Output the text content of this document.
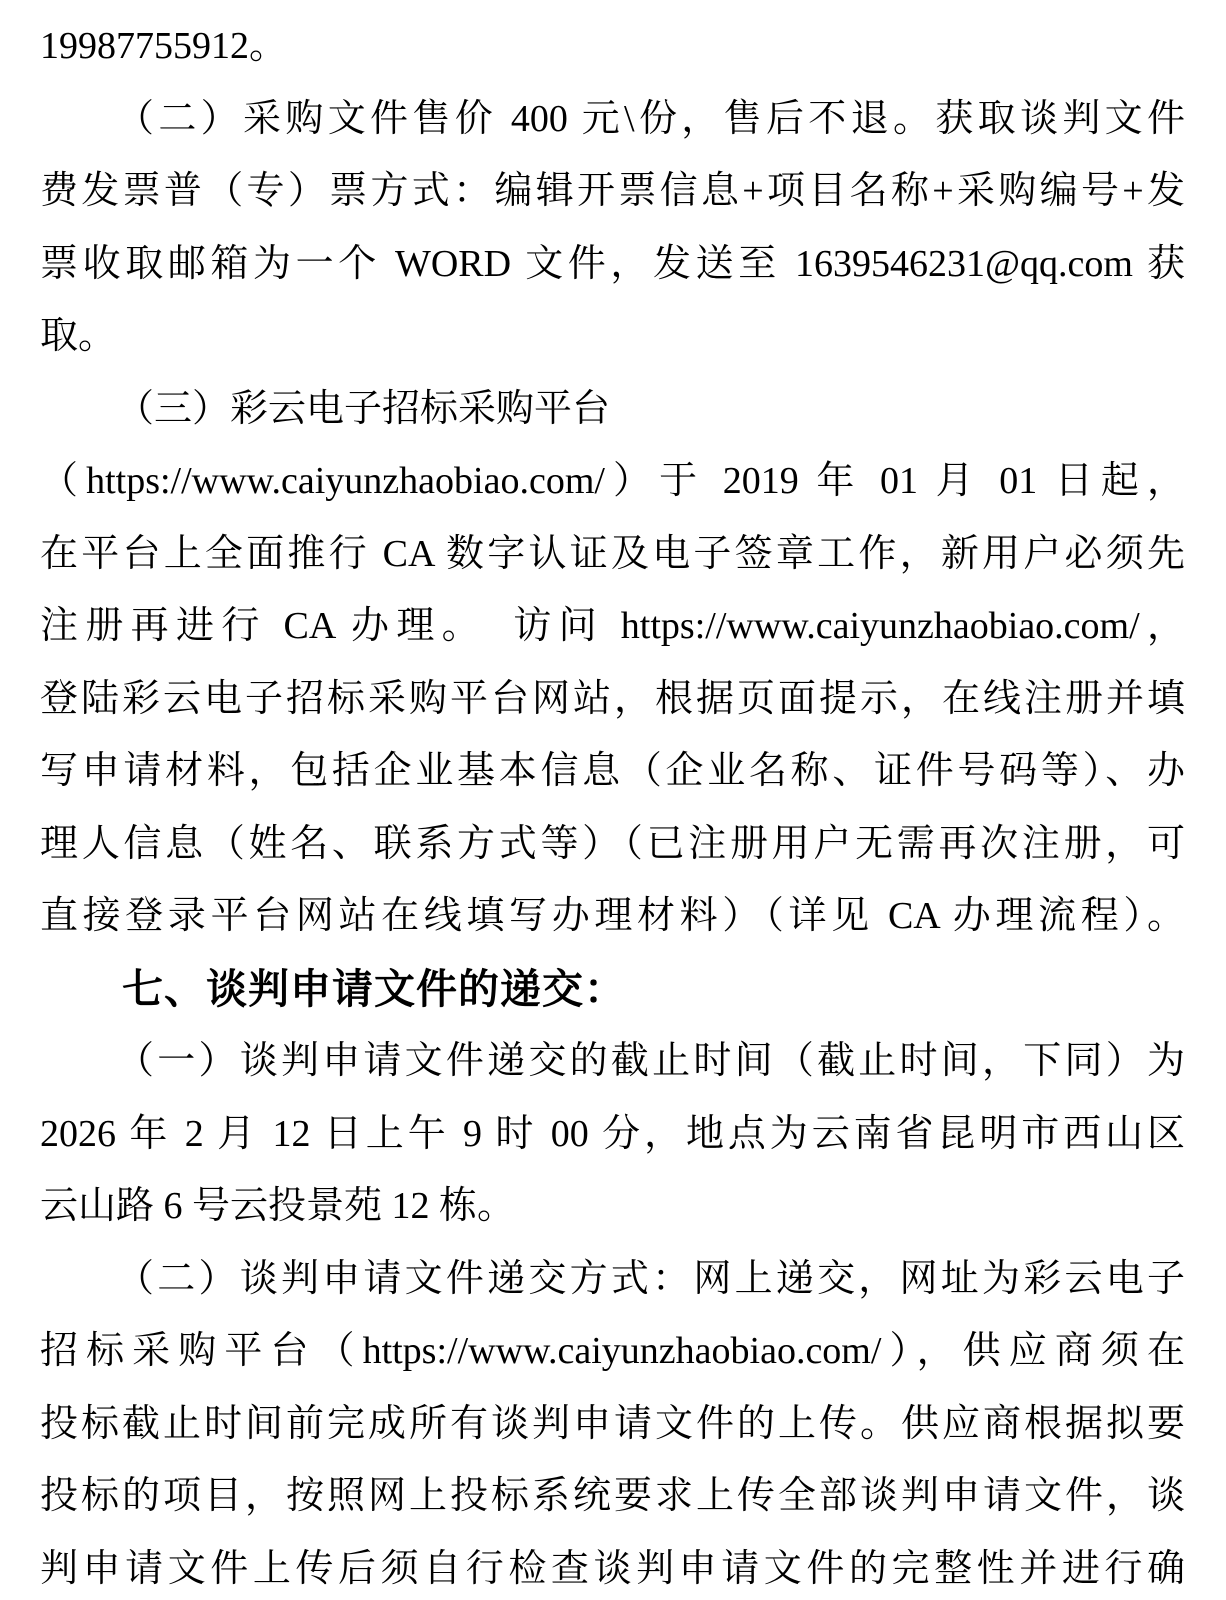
19987755912。
（二）采购文件售价 400 元\份，售后不退。获取谈判文件
费发票普（专）票方式：编辑开票信息+项目名称+采购编号+发
票收取邮箱为一个 WORD 文件，发送至 1639546231@qq.com 获
取。
（三）彩云电子招标采购平台
（https://www.caiyunzhaobiao.com/）于 2019 年 01 月 01 日起，
在平台上全面推行 CA 数字认证及电子签章工作，新用户必须先
注册再进行 CA 办理。　访问 https://www.caiyunzhaobiao.com/，
登陆彩云电子招标采购平台网站，根据页面提示，在线注册并填
写申请材料，包括企业基本信息（企业名称、证件号码等）、办
理人信息（姓名、联系方式等）（已注册用户无需再次注册，可
直接登录平台网站在线填写办理材料）（详见 CA 办理流程）。
七、谈判申请文件的递交：
（一）谈判申请文件递交的截止时间（截止时间，下同）为
2026 年 2 月 12 日上午 9 时 00 分，地点为云南省昆明市西山区
云山路 6 号云投景苑 12 栋。
（二）谈判申请文件递交方式：网上递交，网址为彩云电子
招标采购平台（https://www.caiyunzhaobiao.com/），供应商须在
投标截止时间前完成所有谈判申请文件的上传。供应商根据拟要
投标的项目，按照网上投标系统要求上传全部谈判申请文件，谈
判申请文件上传后须自行检查谈判申请文件的完整性并进行确
